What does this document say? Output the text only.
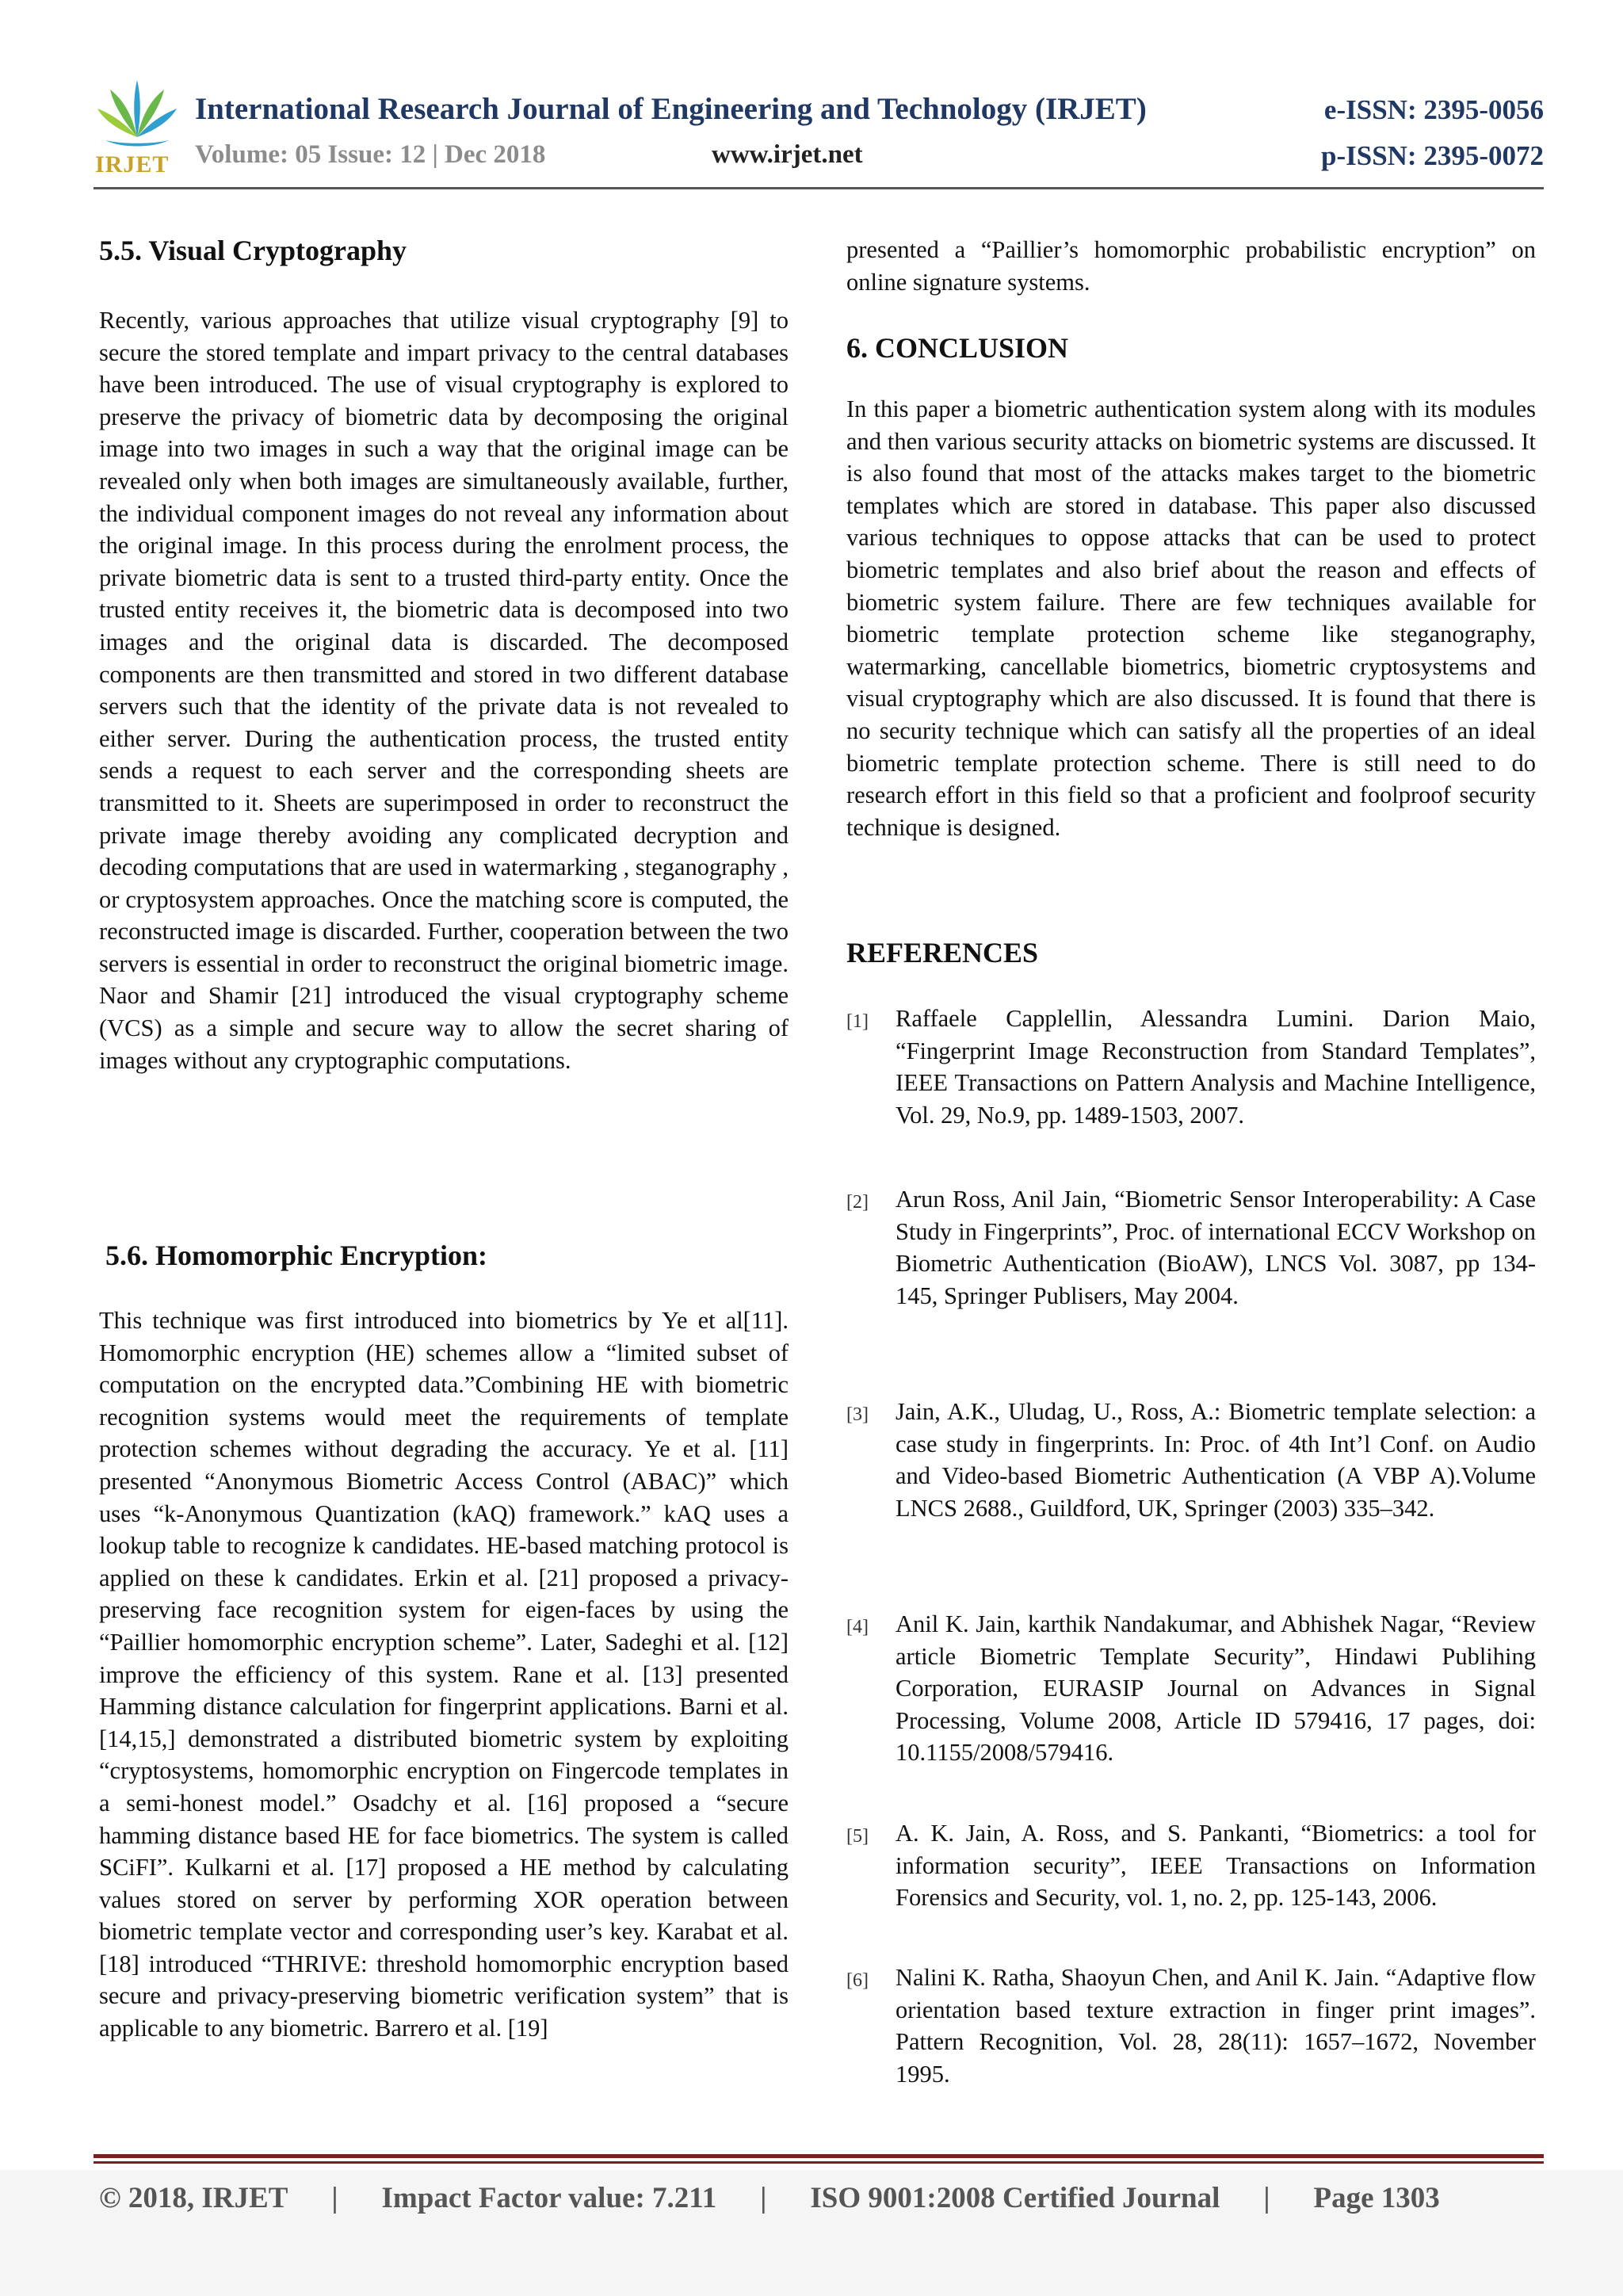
IRJET
International Research Journal of Engineering and Technology (IRJET)	e-ISSN: 2395-0056
Volume: 05 Issue: 12 | Dec 2018	www.irjet.net	p-ISSN: 2395-0072
5.5. Visual Cryptography

Recently, various approaches that utilize visual cryptography [9] to secure the stored template and impart privacy to the central databases have been introduced. The use of visual cryptography is explored to preserve the privacy of biometric data by decomposing the original image into two images in such a way that the original image can be revealed only when both images are simultaneously available, further, the individual component images do not reveal any information about the original image. In this process during the enrolment process, the private biometric data is sent to a trusted third-party entity. Once the trusted entity receives it, the biometric data is decomposed into two images and the original data is discarded. The decomposed components are then transmitted and stored in two different database servers such that the identity of the private data is not revealed to either server. During the authentication process, the trusted entity sends a request to each server and the corresponding sheets are transmitted to it. Sheets are superimposed in order to reconstruct the private image thereby avoiding any complicated decryption and decoding computations that are used in watermarking , steganography , or cryptosystem approaches. Once the matching score is computed, the reconstructed image is discarded. Further, cooperation between the two servers is essential in order to reconstruct the original biometric image. Naor and Shamir [21] introduced the visual cryptography scheme (VCS) as a simple and secure way to allow the secret sharing of images without any cryptographic computations.

5.6. Homomorphic Encryption:

This technique was first introduced into biometrics by Ye et al[11]. Homomorphic encryption (HE) schemes allow a “limited subset of computation on the encrypted data.”Combining HE with biometric recognition systems would meet the requirements of template protection schemes without degrading the accuracy. Ye et al. [11] presented “Anonymous Biometric Access Control (ABAC)” which uses “k-Anonymous Quantization (kAQ) framework.” kAQ uses a lookup table to recognize k candidates. HE-based matching protocol is applied on these k candidates. Erkin et al. [21] proposed a privacy-preserving face recognition system for eigen-faces by using the “Paillier homomorphic encryption scheme”. Later, Sadeghi et al. [12] improve the efficiency of this system. Rane et al. [13] presented Hamming distance calculation for fingerprint applications. Barni et al. [14,15,] demonstrated a distributed biometric system by exploiting “cryptosystems, homomorphic encryption on Fingercode templates in a semi-honest model.” Osadchy et al. [16] proposed a “secure hamming distance based HE for face biometrics. The system is called SCiFI”. Kulkarni et al. [17] proposed a HE method by calculating values stored on server by performing XOR operation between biometric template vector and corresponding user’s key. Karabat et al. [18] introduced “THRIVE: threshold homomorphic encryption based secure and privacy-preserving biometric verification system” that is applicable to any biometric. Barrero et al. [19]

presented a “Paillier’s homomorphic probabilistic encryption” on online signature systems.

6. CONCLUSION

In this paper a biometric authentication system along with its modules and then various security attacks on biometric systems are discussed. It is also found that most of the attacks makes target to the biometric templates which are stored in database. This paper also discussed various techniques to oppose attacks that can be used to protect biometric templates and also brief about the reason and effects of biometric system failure. There are few techniques available for biometric template protection scheme like steganography, watermarking, cancellable biometrics, biometric cryptosystems and visual cryptography which are also discussed. It is found that there is no security technique which can satisfy all the properties of an ideal biometric template protection scheme. There is still need to do research effort in this field so that a proficient and foolproof security technique is designed.

REFERENCES
[1] Raffaele Capplellin, Alessandra Lumini. Darion Maio, “Fingerprint Image Reconstruction from Standard Templates”, IEEE Transactions on Pattern Analysis and Machine Intelligence, Vol. 29, No.9, pp. 1489-1503, 2007.

[2] Arun Ross, Anil Jain, “Biometric Sensor Interoperability: A Case Study in Fingerprints”, Proc. of international ECCV Workshop on Biometric Authentication (BioAW), LNCS Vol. 3087, pp 134-145, Springer Publisers, May 2004.

[3] Jain, A.K., Uludag, U., Ross, A.: Biometric template selection: a case study in fingerprints. In: Proc. of 4th Int’l Conf. on Audio and Video-based Biometric Authentication (A VBP A).Volume LNCS 2688., Guildford, UK, Springer (2003) 335–342.

[4] Anil K. Jain, karthik Nandakumar, and Abhishek Nagar, “Review article Biometric Template Security”, Hindawi Publihing Corporation, EURASIP Journal on Advances in Signal Processing, Volume 2008, Article ID 579416, 17 pages, doi: 10.1155/2008/579416.

[5] A. K. Jain, A. Ross, and S. Pankanti, “Biometrics: a tool for information security”, IEEE Transactions on Information Forensics and Security, vol. 1, no. 2, pp. 125-143, 2006.

[6] Nalini K. Ratha, Shaoyun Chen, and Anil K. Jain. “Adaptive flow orientation based texture extraction in finger print images”. Pattern Recognition, Vol. 28, 28(11): 1657–1672, November 1995.

© 2018, IRJET | Impact Factor value: 7.211 | ISO 9001:2008 Certified Journal | Page 1303
